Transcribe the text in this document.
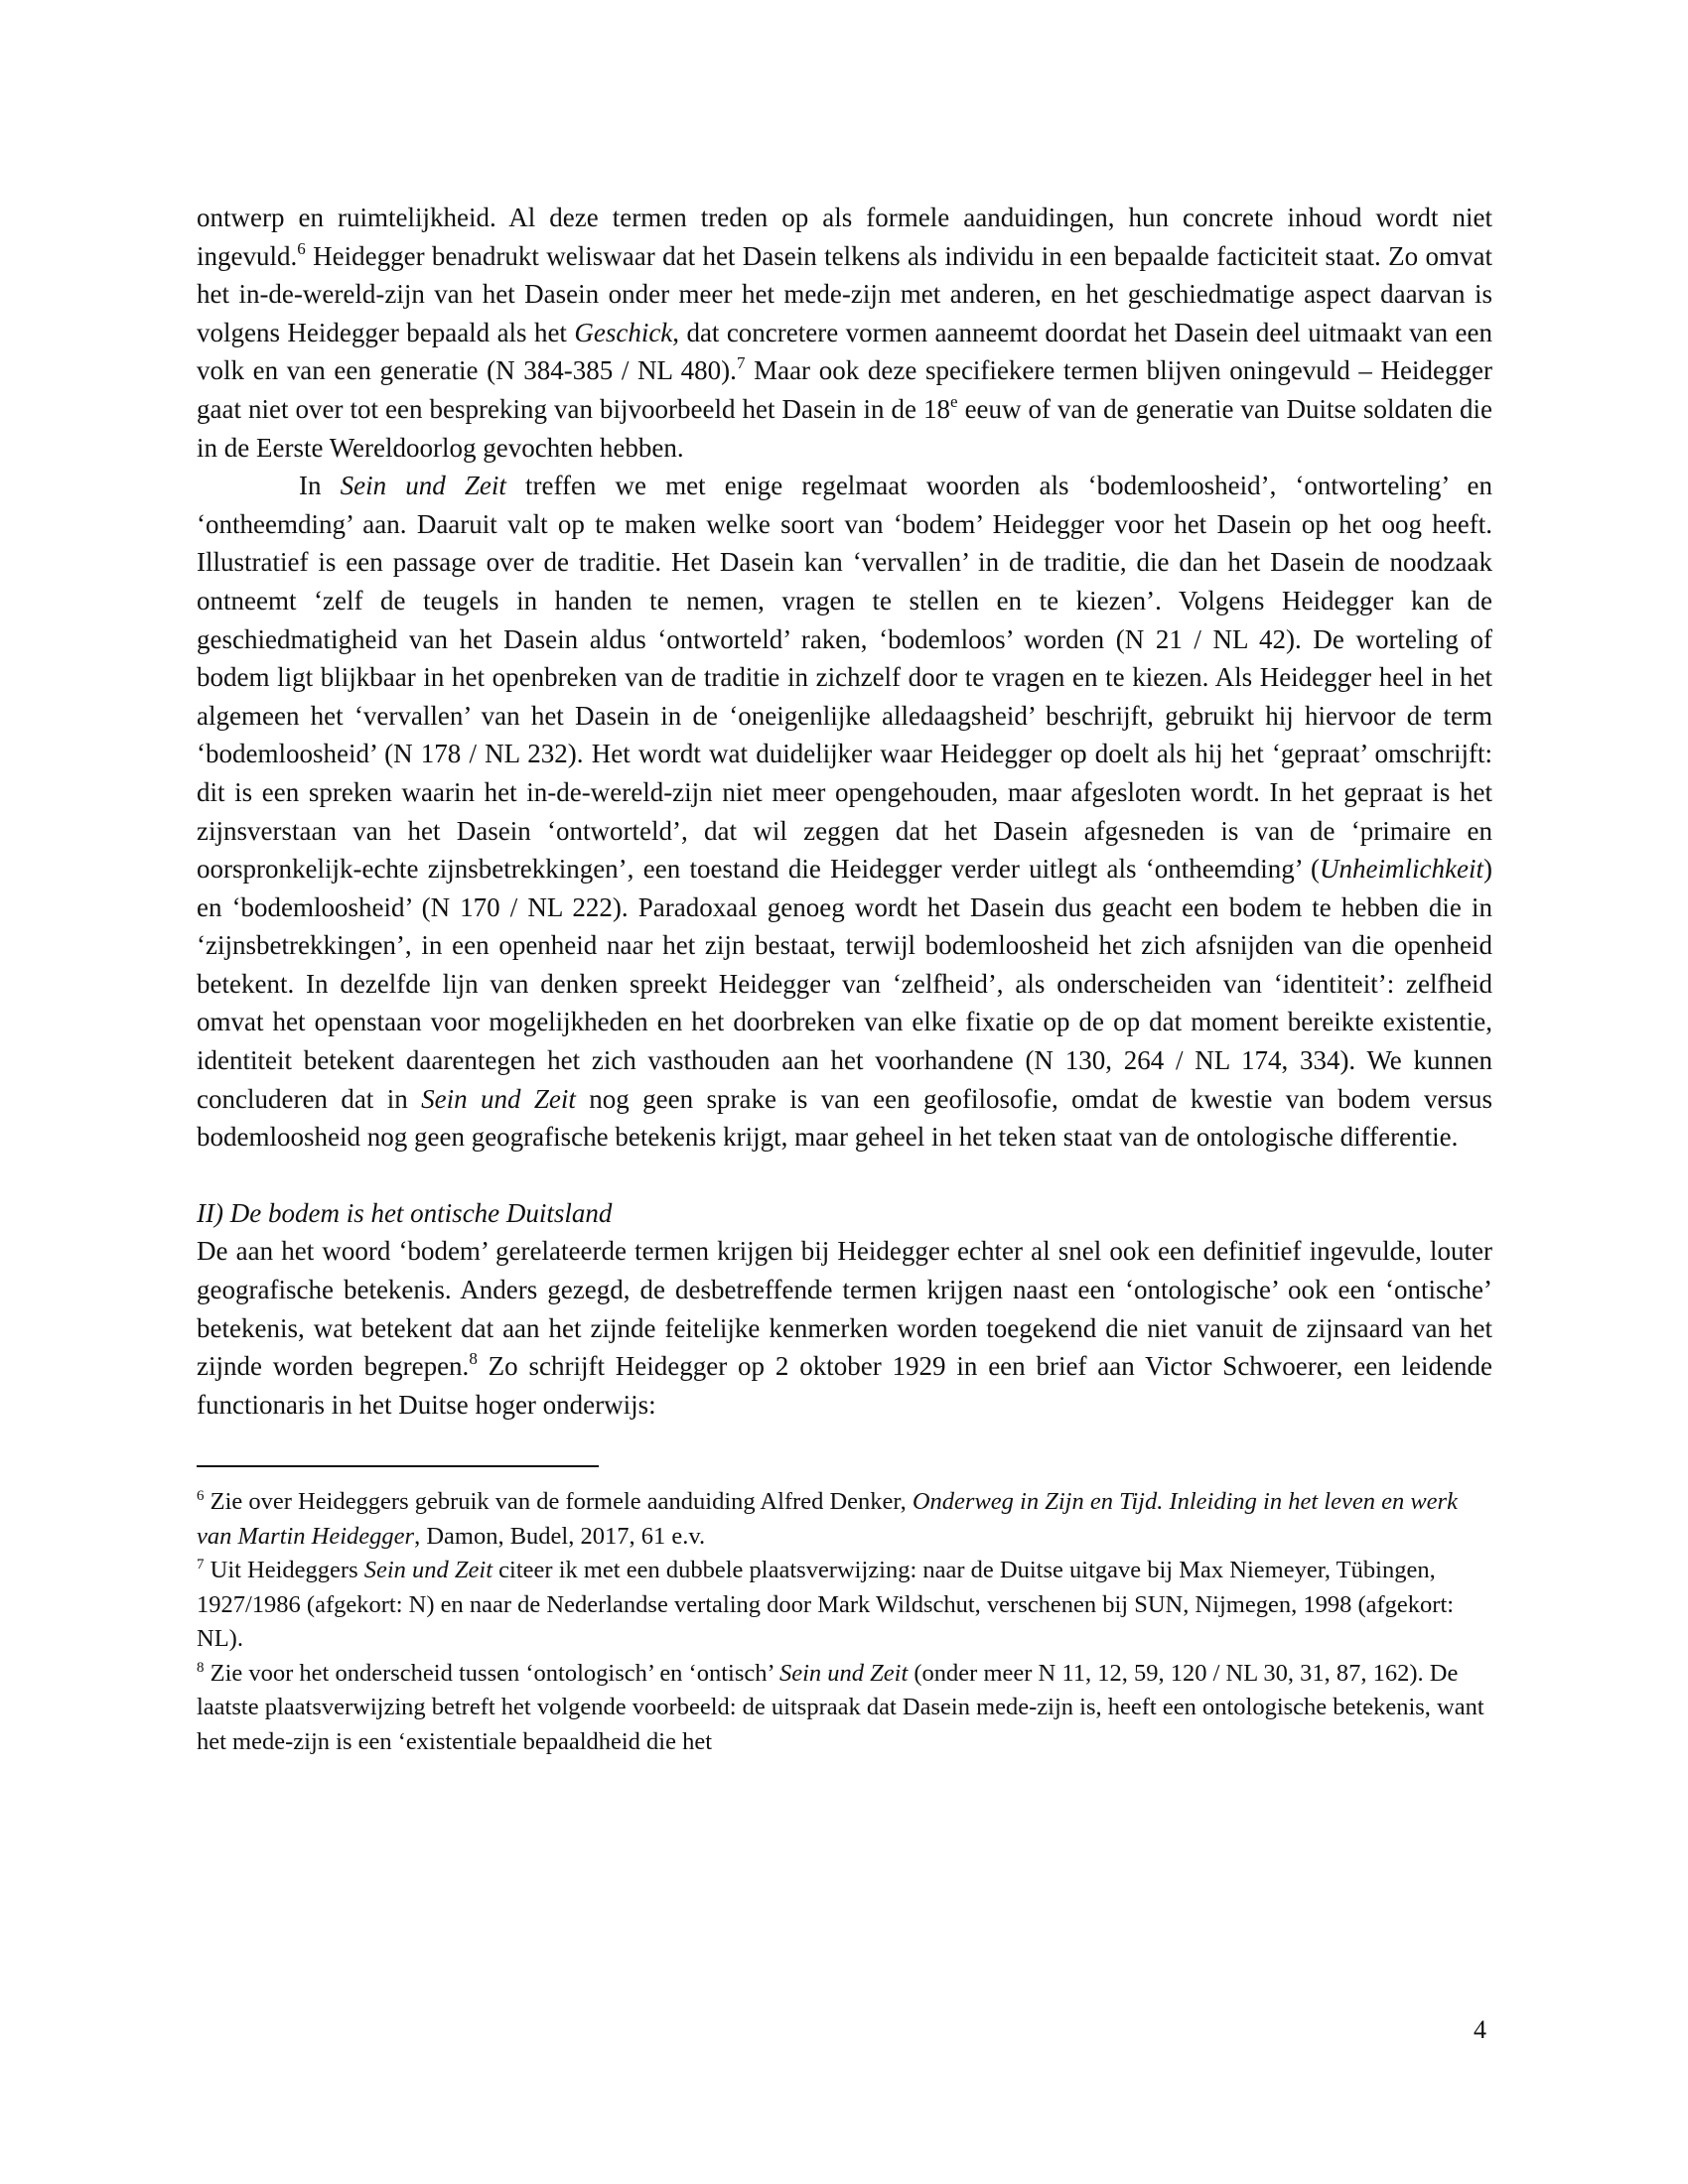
ontwerp en ruimtelijkheid. Al deze termen treden op als formele aanduidingen, hun concrete inhoud wordt niet ingevuld.$^6$ Heidegger benadrukt weliswaar dat het Dasein telkens als individu in een bepaalde facticiteit staat. Zo omvat het in-de-wereld-zijn van het Dasein onder meer het mede-zijn met anderen, en het geschiedmatige aspect daarvan is volgens Heidegger bepaald als het Geschick, dat concretere vormen aanneemt doordat het Dasein deel uitmaakt van een volk en van een generatie (N 384-385 / NL 480).$^7$ Maar ook deze specifiekere termen blijven oningevuld – Heidegger gaat niet over tot een bespreking van bijvoorbeeld het Dasein in de 18e eeuw of van de generatie van Duitse soldaten die in de Eerste Wereldoorlog gevochten hebben.

In Sein und Zeit treffen we met enige regelmaat woorden als ‘bodemloosheid’, ‘ontworteling’ en ‘ontheemding’ aan. Daaruit valt op te maken welke soort van ‘bodem’ Heidegger voor het Dasein op het oog heeft. Illustratief is een passage over de traditie. Het Dasein kan ‘vervallen’ in de traditie, die dan het Dasein de noodzaak ontneemt ‘zelf de teugels in handen te nemen, vragen te stellen en te kiezen’. Volgens Heidegger kan de geschiedmatigheid van het Dasein aldus ‘ontworteld’ raken, ‘bodemloos’ worden (N 21 / NL 42). De worteling of bodem ligt blijkbaar in het openbreken van de traditie in zichzelf door te vragen en te kiezen. Als Heidegger heel in het algemeen het ‘vervallen’ van het Dasein in de ‘oneigenlijke alledaagsheid’ beschrijft, gebruikt hij hiervoor de term ‘bodemloosheid’ (N 178 / NL 232). Het wordt wat duidelijker waar Heidegger op doelt als hij het ‘gepraat’ omschrijft: dit is een spreken waarin het in-de-wereld-zijn niet meer opengehouden, maar afgesloten wordt. In het gepraat is het zijnsverstaan van het Dasein ‘ontworteld’, dat wil zeggen dat het Dasein afgesneden is van de ‘primaire en oorspronkelijk-echte zijnsbetrekkingen’, een toestand die Heidegger verder uitlegt als ‘ontheemding’ (Unheimlichkeit) en ‘bodemloosheid’ (N 170 / NL 222). Paradoxaal genoeg wordt het Dasein dus geacht een bodem te hebben die in ‘zijnsbetrekkingen’, in een openheid naar het zijn bestaat, terwijl bodemloosheid het zich afsnijden van die openheid betekent. In dezelfde lijn van denken spreekt Heidegger van ‘zelfheid’, als onderscheiden van ‘identiteit’: zelfheid omvat het openstaan voor mogelijkheden en het doorbreken van elke fixatie op de op dat moment bereikte existentie, identiteit betekent daarentegen het zich vasthouden aan het voorhandene (N 130, 264 / NL 174, 334). We kunnen concluderen dat in Sein und Zeit nog geen sprake is van een geofilosofie, omdat de kwestie van bodem versus bodemloosheid nog geen geografische betekenis krijgt, maar geheel in het teken staat van de ontologische differentie.

II) De bodem is het ontische Duitsland

De aan het woord ‘bodem’ gerelateerde termen krijgen bij Heidegger echter al snel ook een definitief ingevulde, louter geografische betekenis. Anders gezegd, de desbetreffende termen krijgen naast een ‘ontologische’ ook een ‘ontische’ betekenis, wat betekent dat aan het zijnde feitelijke kenmerken worden toegekend die niet vanuit de zijnsaard van het zijnde worden begrepen.$^8$ Zo schrijft Heidegger op 2 oktober 1929 in een brief aan Victor Schwoerer, een leidende functionaris in het Duitse hoger onderwijs:

$^6$ Zie over Heideggers gebruik van de formele aanduiding Alfred Denker, Onderweg in Zijn en Tijd. Inleiding in het leven en werk van Martin Heidegger, Damon, Budel, 2017, 61 e.v.

$^7$ Uit Heideggers Sein und Zeit citeer ik met een dubbele plaatsverwijzing: naar de Duitse uitgave bij Max Niemeyer, Tübingen, 1927/1986 (afgekort: N) en naar de Nederlandse vertaling door Mark Wildschut, verschenen bij SUN, Nijmegen, 1998 (afgekort: NL).

$^8$ Zie voor het onderscheid tussen ‘ontologisch’ en ‘ontisch’ Sein und Zeit (onder meer N 11, 12, 59, 120 / NL 30, 31, 87, 162). De laatste plaatsverwijzing betreft het volgende voorbeeld: de uitspraak dat Dasein mede-zijn is, heeft een ontologische betekenis, want het mede-zijn is een ‘existentiale bepaaldheid die het

4
